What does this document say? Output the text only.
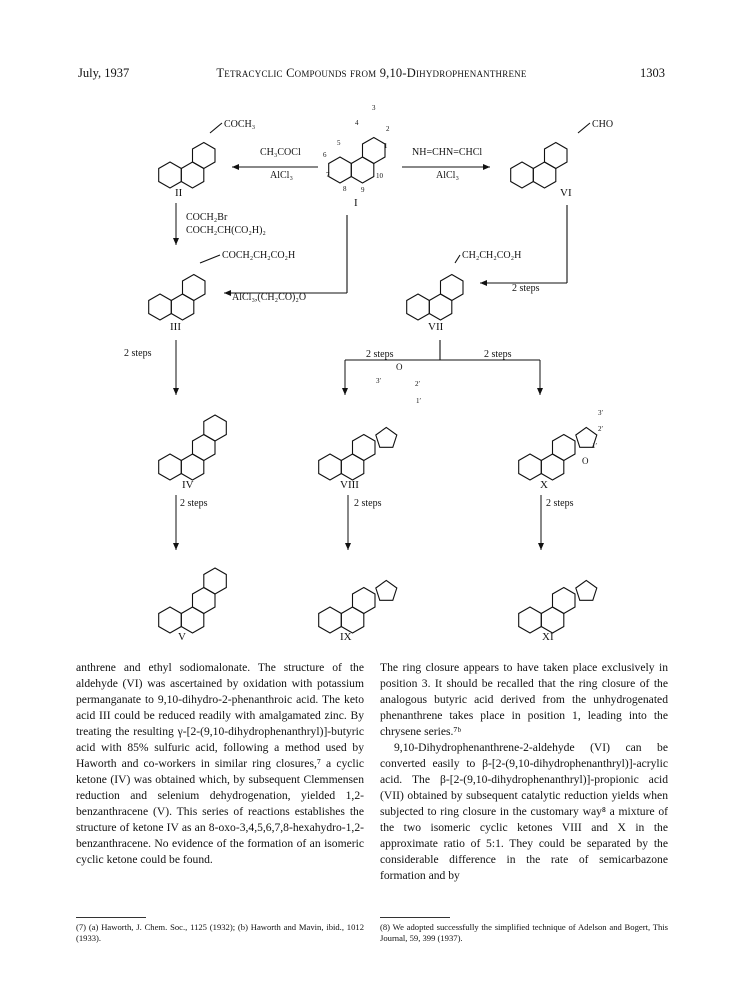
July, 1937	Tetracyclic Compounds from 9,10-Dihydrophenanthrene	1303
II
I
VI
III	VII
IV	VIII	X
V	IX	XI
COCH₃	CHO
COCH₂CH₂CO₂H	CH₂CH₂CO₂H
COCH₂Br
COCH₂CH(CO₂H)₂
CH₃COCl
AlCl₃
NH=CHN=CHCl
AlCl₃
AlCl₃,(CH₂CO)₂O
2 steps
2 steps	2 steps	2 steps
2 steps	2 steps	2 steps
1
2
3
4
5
6
7
8 9
10
O
3′	2′
1′
3′
2′
1′
O

anthrene and ethyl sodiomalonate. The structure of the aldehyde (VI) was ascertained by oxidation with potassium permanganate to 9,10-dihydro-2-phenanthroic acid. The keto acid III could be reduced readily with amalgamated zinc. By treating the resulting γ-[2-(9,10-dihydrophenanthryl)]-butyric acid with 85% sulfuric acid, following a method used by Haworth and co-workers in similar ring closures,⁷ a cyclic ketone (IV) was obtained which, by subsequent Clemmensen reduction and selenium dehydrogenation, yielded 1,2-benzanthracene (V). This series of reactions establishes the structure of ketone IV as an 8-oxo-3,4,5,6,7,8-hexahydro-1,2-benzanthracene. No evidence of the formation of an isomeric cyclic ketone could be found.

The ring closure appears to have taken place exclusively in position 3. It should be recalled that the ring closure of the analogous butyric acid derived from the unhydrogenated phenanthrene takes place in position 1, leading into the chrysene series.⁷ᵇ

9,10-Dihydrophenanthrene-2-aldehyde (VI) can be converted easily to β-[2-(9,10-dihydrophenanthryl)]-acrylic acid. The β-[2-(9,10-dihydrophenanthryl)]-propionic acid (VII) obtained by subsequent catalytic reduction yields when subjected to ring closure in the customary way⁸ a mixture of the two isomeric cyclic ketones VIII and X in the approximate ratio of 5:1. They could be separated by the considerable difference in the rate of semicarbazone formation and by

(7) (a) Haworth, J. Chem. Soc., 1125 (1932); (b) Haworth and Mavin, ibid., 1012 (1933).
(8) We adopted successfully the simplified technique of Adelson and Bogert, This Journal, 59, 399 (1937).
